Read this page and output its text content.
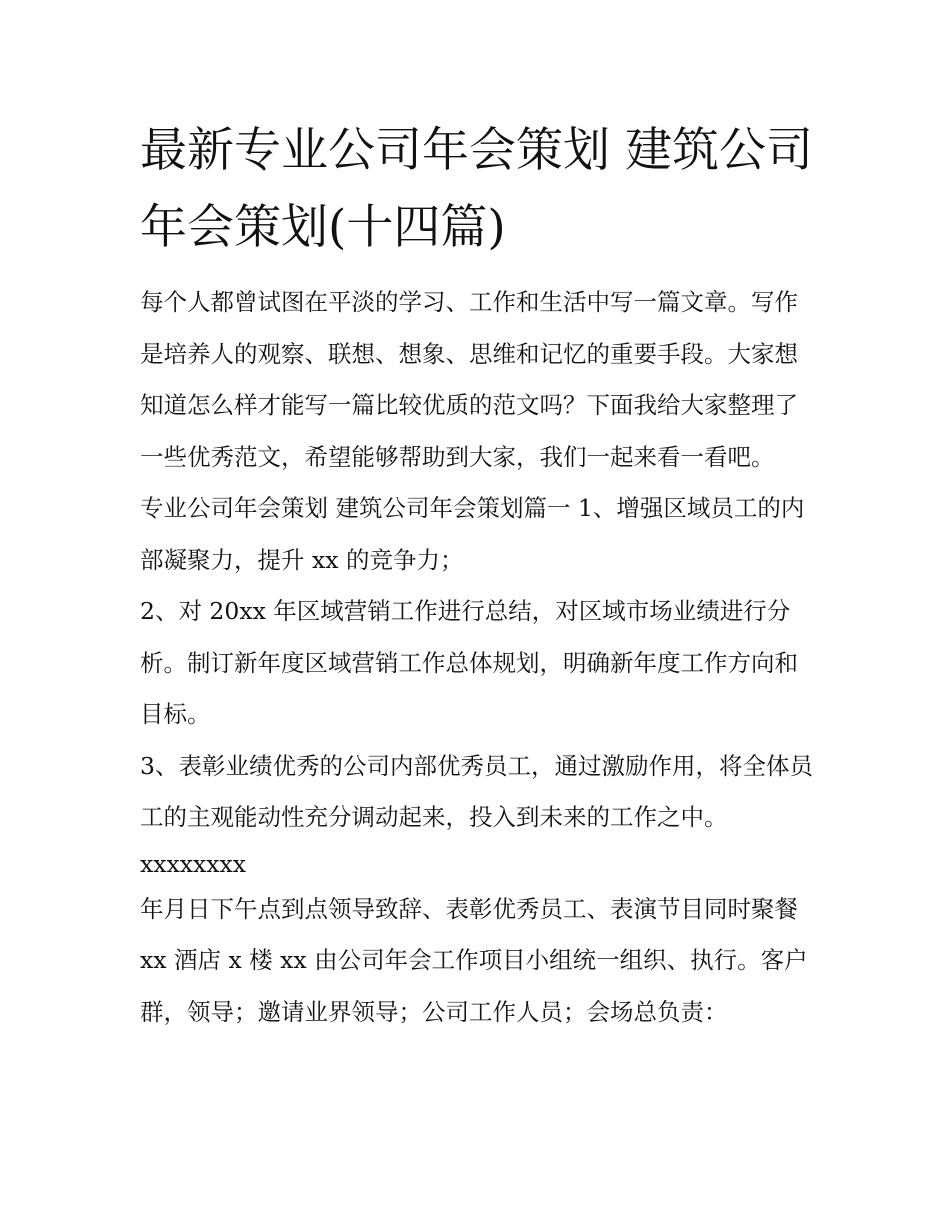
最新专业公司年会策划 建筑公司年会策划(十四篇)

每个人都曾试图在平淡的学习、工作和生活中写一篇文章。写作是培养人的观察、联想、想象、思维和记忆的重要手段。大家想知道怎么样才能写一篇比较优质的范文吗？下面我给大家整理了一些优秀范文，希望能够帮助到大家，我们一起来看一看吧。

专业公司年会策划 建筑公司年会策划篇一 1、增强区域员工的内部凝聚力，提升 xx 的竞争力；

2、对 20xx 年区域营销工作进行总结，对区域市场业绩进行分析。制订新年度区域营销工作总体规划，明确新年度工作方向和目标。

3、表彰业绩优秀的公司内部优秀员工，通过激励作用，将全体员工的主观能动性充分调动起来，投入到未来的工作之中。

xxxxxxxx

年月日下午点到点领导致辞、表彰优秀员工、表演节目同时聚餐 xx 酒店 x 楼 xx 由公司年会工作项目小组统一组织、执行。客户群，领导；邀请业界领导；公司工作人员；会场总负责：
